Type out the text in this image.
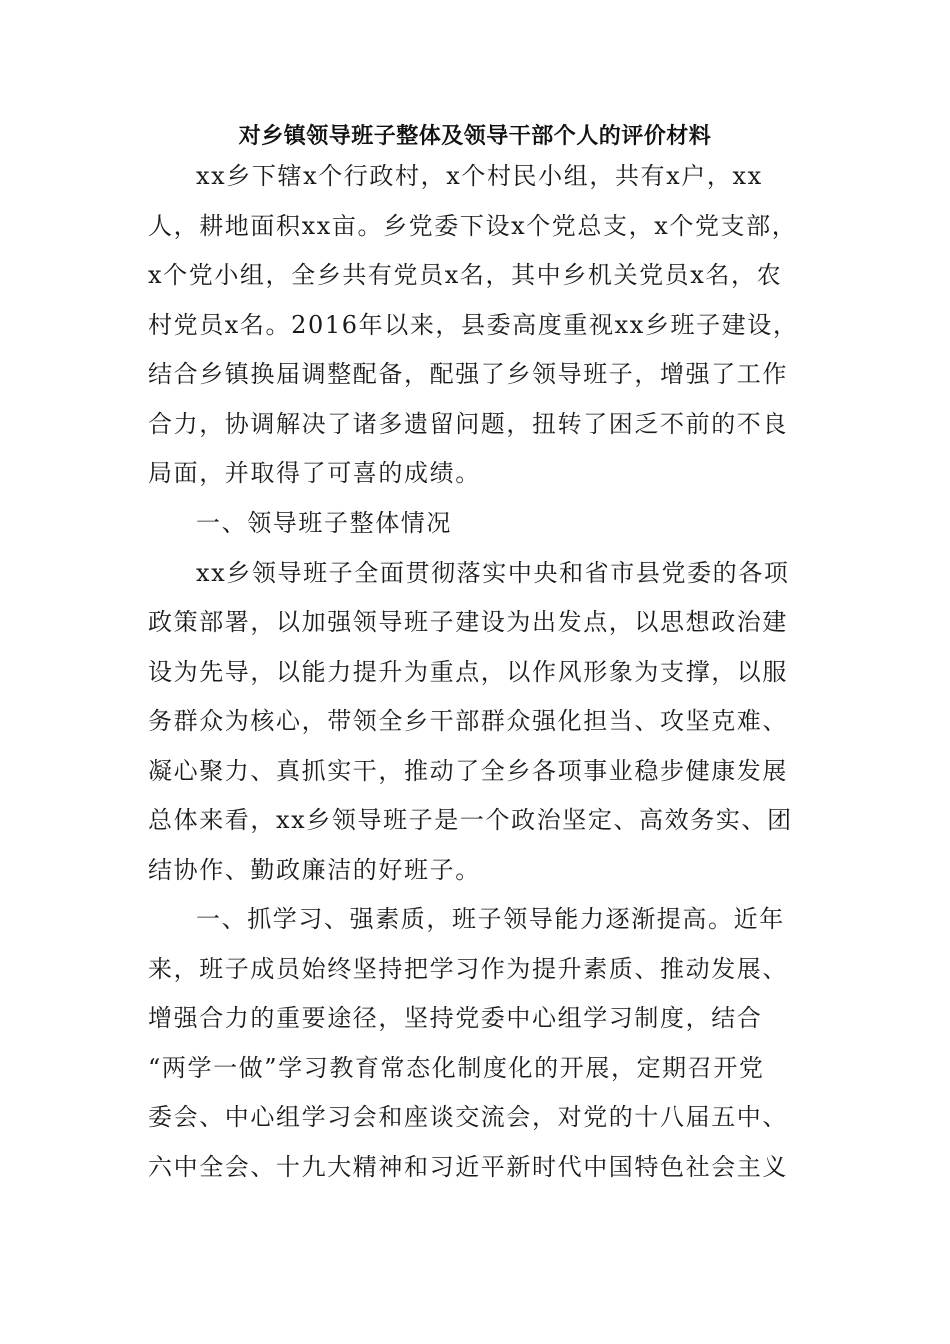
对乡镇领导班子整体及领导干部个人的评价材料
xx乡下辖x个行政村，x个村民小组，共有x户，xx
人，耕地面积xx亩。乡党委下设x个党总支，x个党支部，
x个党小组，全乡共有党员x名，其中乡机关党员x名，农
村党员x名。2016年以来，县委高度重视xx乡班子建设，
结合乡镇换届调整配备，配强了乡领导班子，增强了工作
合力，协调解决了诸多遗留问题，扭转了困乏不前的不良
局面，并取得了可喜的成绩。
一、领导班子整体情况
xx乡领导班子全面贯彻落实中央和省市县党委的各项
政策部署，以加强领导班子建设为出发点，以思想政治建
设为先导，以能力提升为重点，以作风形象为支撑，以服
务群众为核心，带领全乡干部群众强化担当、攻坚克难、
凝心聚力、真抓实干，推动了全乡各项事业稳步健康发展
总体来看，xx乡领导班子是一个政治坚定、高效务实、团
结协作、勤政廉洁的好班子。
一、抓学习、强素质，班子领导能力逐渐提高。近年
来，班子成员始终坚持把学习作为提升素质、推动发展、
增强合力的重要途径，坚持党委中心组学习制度，结合
“两学一做”学习教育常态化制度化的开展，定期召开党
委会、中心组学习会和座谈交流会，对党的十八届五中、
六中全会、十九大精神和习近平新时代中国特色社会主义
